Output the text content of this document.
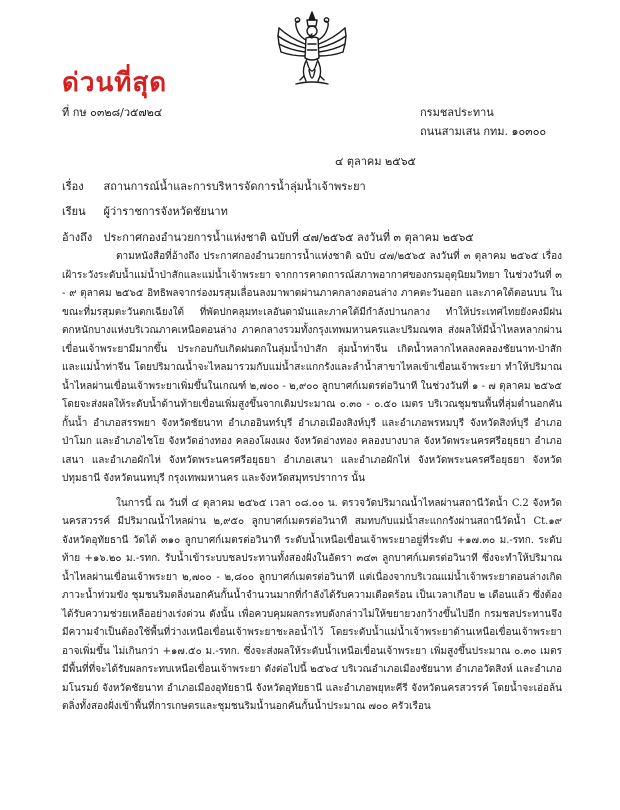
ด่วนที่สุด
ที่ กษ ๐๓๒๘/ว๕๗๒๔	กรมชลประทาน
ถนนสามเสน กทม. ๑๐๓๐๐
๔ ตุลาคม ๒๕๖๕
เรื่อง สถานการณ์น้ำและการบริหารจัดการน้ำลุ่มน้ำเจ้าพระยา
เรียน ผู้ว่าราชการจังหวัดชัยนาท
อ้างถึง ประกาศกองอำนวยการน้ำแห่งชาติ ฉบับที่ ๔๗/๒๕๖๕ ลงวันที่ ๓ ตุลาคม ๒๕๖๕

ตามหนังสือที่อ้างถึง ประกาศกองอำนวยการน้ำแห่งชาติ ฉบับ ๔๗/๒๕๖๕ ลงวันที่ ๓ ตุลาคม ๒๕๖๕ เรื่อง เฝ้าระวังระดับน้ำแม่น้ำป่าสักและแม่น้ำเจ้าพระยา จากการคาดการณ์สภาพอากาศของกรมอุตุนิยมวิทยา ในช่วงวันที่ ๓ - ๙ ตุลาคม ๒๕๖๕ อิทธิพลจากร่องมรสุมเลื่อนลงมาพาดผ่านภาคกลางตอนล่าง ภาคตะวันออก และภาคใต้ตอนบน ในขณะที่มรสุมตะวันตกเฉียงใต้ ที่พัดปกคลุมทะเลอันดามันและภาคใต้มีกำลังปานกลาง ทำให้ประเทศไทยยังคงมีฝนตกหนักบางแห่งบริเวณภาคเหนือตอนล่าง ภาคกลางรวมทั้งกรุงเทพมหานครและปริมณฑล ส่งผลให้มีน้ำไหลหลากผ่านเขื่อนเจ้าพระยามีมากขึ้น ประกอบกับเกิดฝนตกในลุ่มน้ำป่าสัก ลุ่มน้ำท่าจีน เกิดน้ำหลากไหลลงคลองชัยนาท-ป่าสัก และแม่น้ำท่าจีน โดยปริมาณน้ำจะไหลมารวมกับแม่น้ำสะแกกรังและลำน้ำสาขาไหลเข้าเขื่อนเจ้าพระยา ทำให้ปริมาณน้ำไหลผ่านเขื่อนเจ้าพระยาเพิ่มขึ้นในเกณฑ์ ๒,๗๐๐ - ๒,๙๐๐ ลูกบาศก์เมตรต่อวินาที ในช่วงวันที่ ๑ - ๗ ตุลาคม ๒๕๖๕ โดยจะส่งผลให้ระดับน้ำด้านท้ายเขื่อนเพิ่มสูงขึ้นจากเดิมประมาณ ๐.๓๐ - ๐.๕๐ เมตร บริเวณชุมชนพื้นที่ลุ่มต่ำนอกคันกั้นน้ำ อำเภอสรรพยา จังหวัดชัยนาท อำเภออินทร์บุรี อำเภอเมืองสิงห์บุรี และอำเภอพรหมบุรี จังหวัดสิงห์บุรี อำเภอป่าโมก และอำเภอไชโย จังหวัดอ่างทอง คลองโผงเผง จังหวัดอ่างทอง คลองบางบาล จังหวัดพระนครศรีอยุธยา อำเภอเสนา และอำเภอผักไห่ จังหวัดพระนครศรีอยุธยา อำเภอเสนา และอำเภอผักไห่ จังหวัดพระนครศรีอยุธยา จังหวัดปทุมธานี จังหวัดนนทบุรี กรุงเทพมหานคร และจังหวัดสมุทรปราการ นั้น

ในการนี้ ณ วันที่ ๔ ตุลาคม ๒๕๖๕ เวลา ๐๘.๐๐ น. ตรวจวัดปริมาณน้ำไหลผ่านสถานีวัดน้ำ C.2 จังหวัดนครสวรรค์ มีปริมาณน้ำไหลผ่าน ๒,๙๕๐ ลูกบาศก์เมตรต่อวินาที สมทบกับแม่น้ำสะแกกรังผ่านสถานีวัดน้ำ Ct.๑๙ จังหวัดอุทัยธานี วัดได้ ๓๑๐ ลูกบาศก์เมตรต่อวินาที ระดับน้ำเหนือเขื่อนเจ้าพระยาอยู่ที่ระดับ +๑๗.๓๐ ม.-รทก. ระดับท้าย +๑๖.๒๐ ม.-รทก. รับน้ำเข้าระบบชลประทานทั้งสองฝั่งในอัตรา ๓๔๓ ลูกบาศก์เมตรต่อวินาที ซึ่งจะทำให้ปริมาณน้ำไหลผ่านเขื่อนเจ้าพระยา ๒,๗๐๐ - ๒,๘๐๐ ลูกบาศก์เมตรต่อวินาที แต่เนื่องจากบริเวณแม่น้ำเจ้าพระยาตอนล่างเกิดภาวะน้ำท่วมขัง ชุมชนริมตลิ่งนอกคันกั้นน้ำจำนวนมากที่กำลังได้รับความเดือดร้อน เป็นเวลาเกือบ ๒ เดือนแล้ว ซึ่งต้องได้รับความช่วยเหลืออย่างเร่งด่วน ดังนั้น เพื่อควบคุมผลกระทบดังกล่าวไม่ให้ขยายวงกว้างขึ้นไปอีก กรมชลประทานจึงมีความจำเป็นต้องใช้พื้นที่ว่างเหนือเขื่อนเจ้าพระยาชะลอน้ำไว้ โดยระดับน้ำแม่น้ำเจ้าพระยาด้านเหนือเขื่อนเจ้าพระยาอาจเพิ่มขึ้น ไม่เกินกว่า +๑๗.๕๐ ม.-รทก. ซึ่งจะส่งผลให้ระดับน้ำเหนือเขื่อนเจ้าพระยา เพิ่มสูงขึ้นประมาณ ๐.๓๐ เมตร มีพื้นที่ที่จะได้รับผลกระทบเหนือเขื่อนเจ้าพระยา ดังต่อไปนี้ ๒๕๖๔ บริเวณอำเภอเมืองชัยนาท อำเภอวัดสิงห์ และอำเภอมโนรมย์ จังหวัดชัยนาท อำเภอเมืองอุทัยธานี จังหวัดอุทัยธานี และอำเภอพยุหะคีรี จังหวัดนครสวรรค์ โดยน้ำจะเอ่อล้นตลิ่งทั้งสองฝั่งเข้าพื้นที่การเกษตรและชุมชนริมน้ำนอกคันกั้นน้ำประมาณ ๗๐๐ ครัวเรือน
